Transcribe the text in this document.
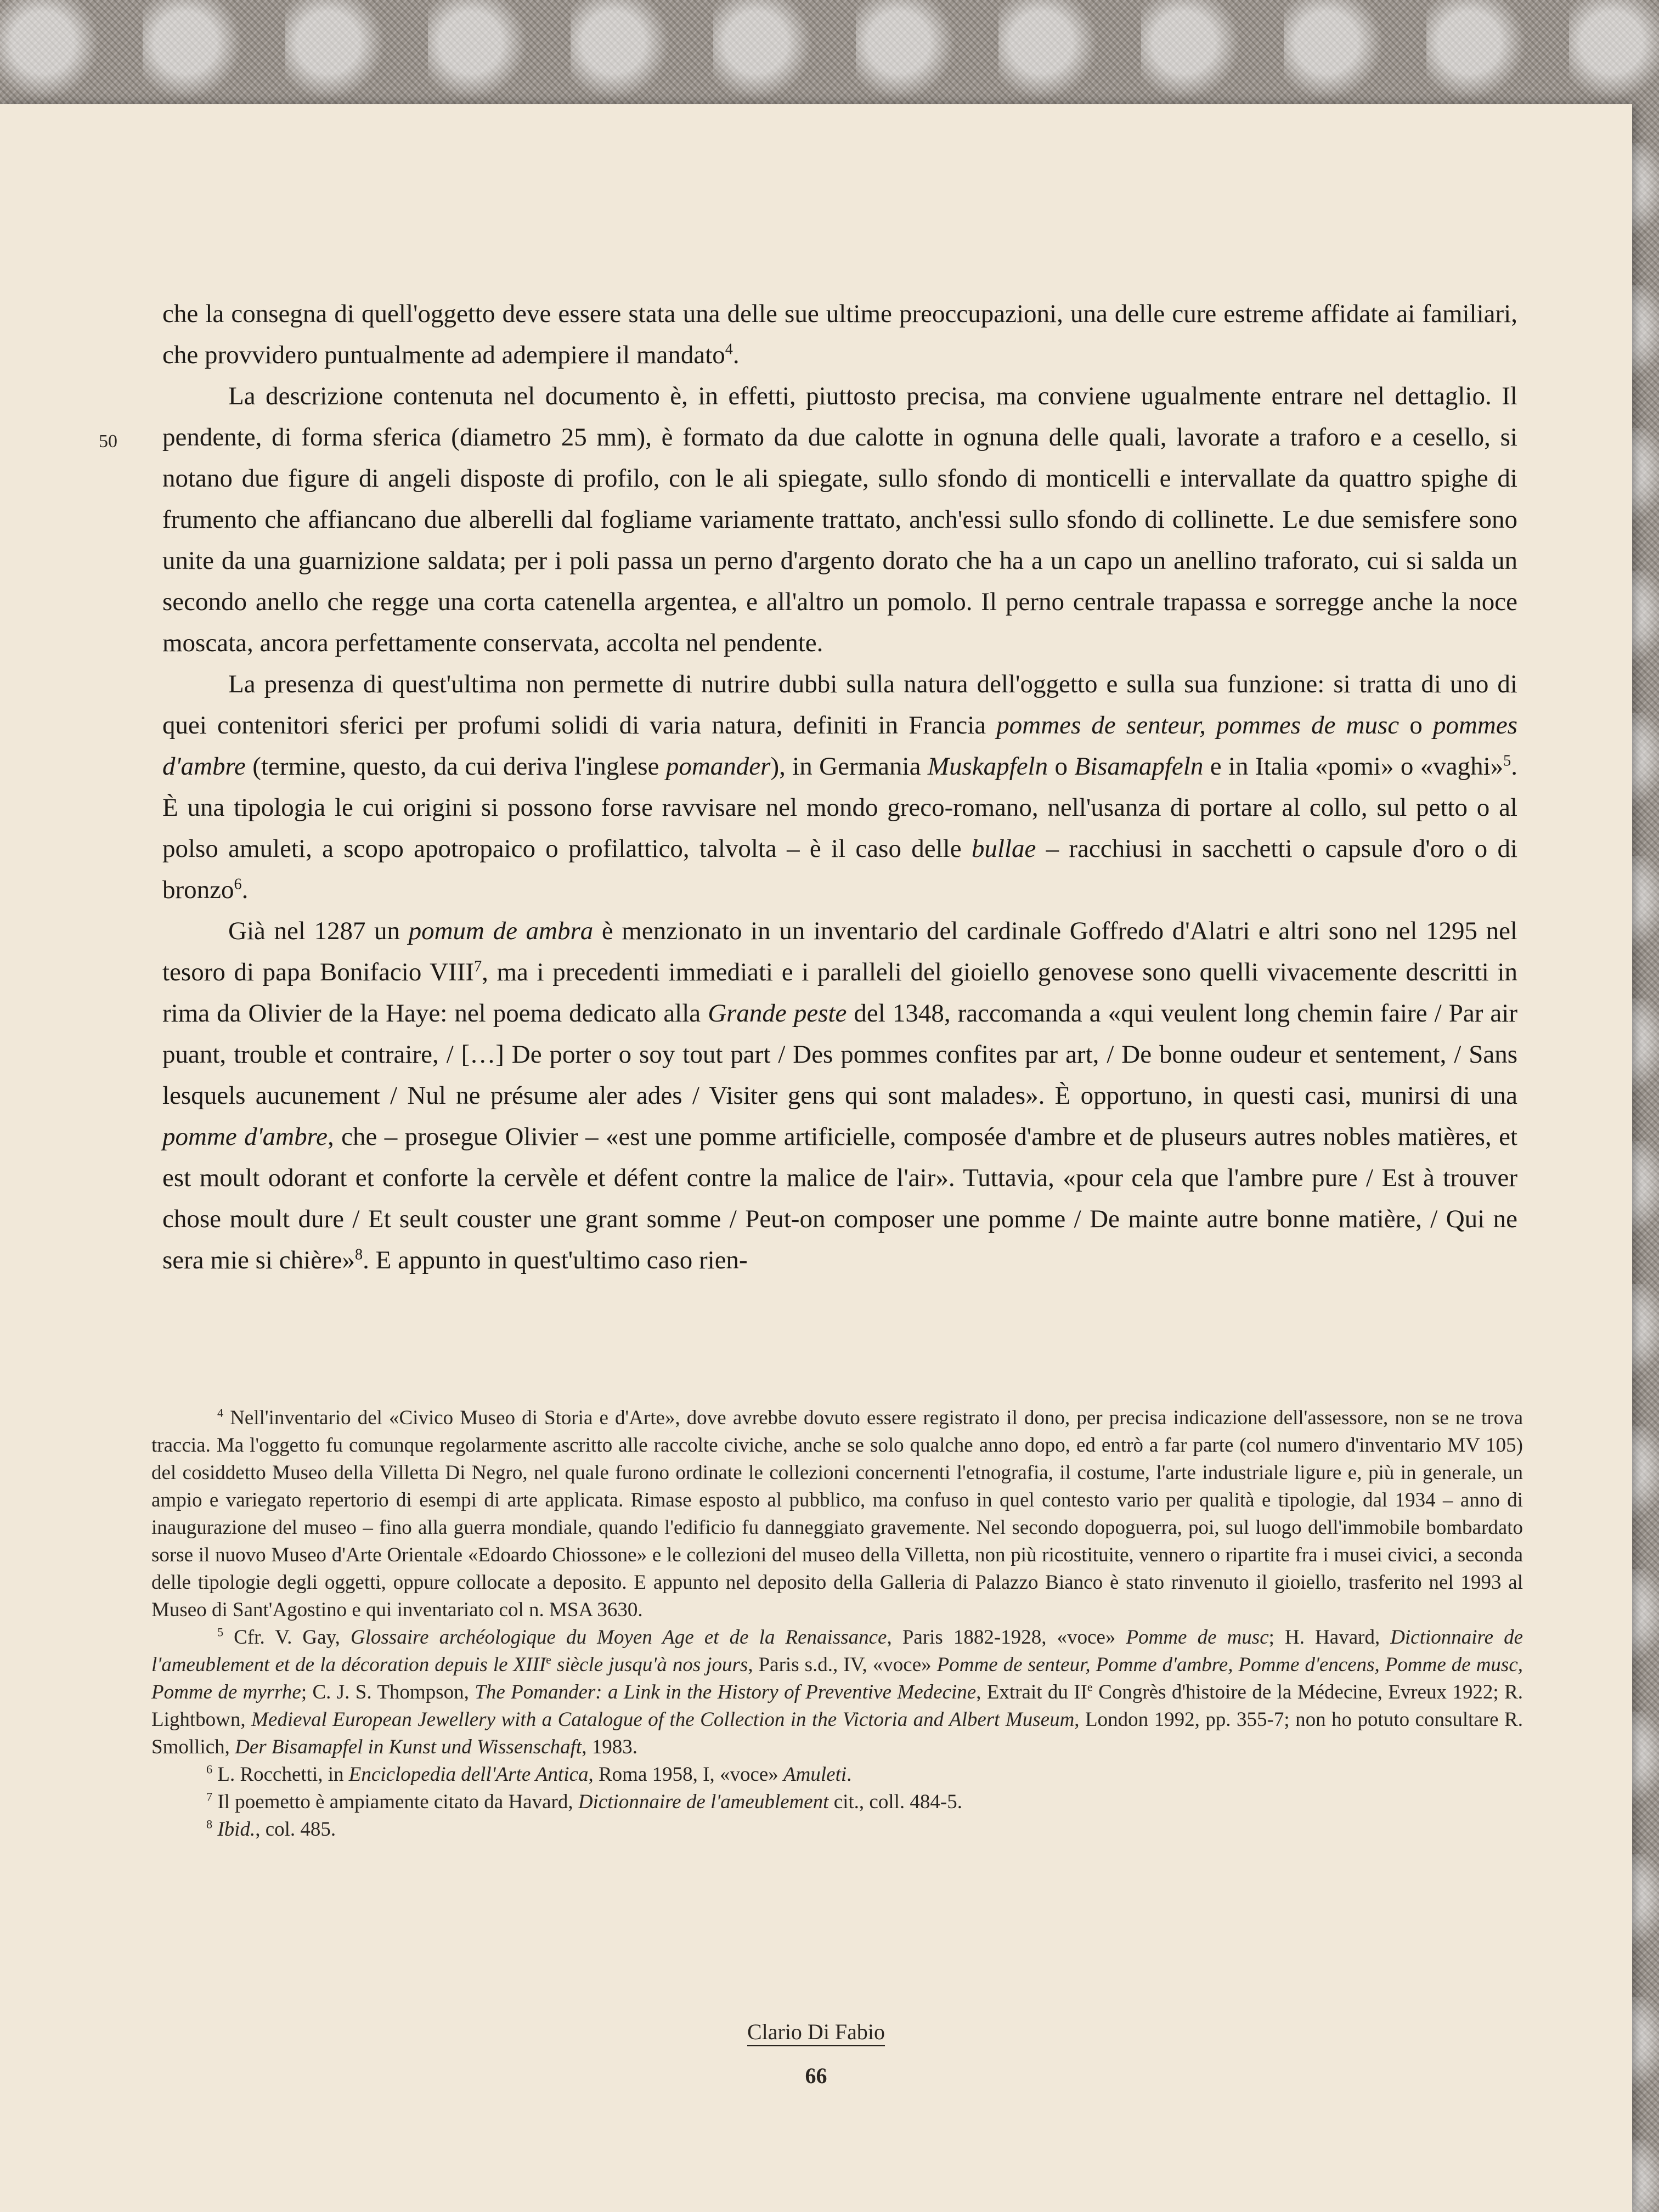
50

che la consegna di quell'oggetto deve essere stata una delle sue ultime preoccupazioni, una delle cure estreme affidate ai familiari, che provvidero puntualmente ad adempiere il mandato$^4$.

La descrizione contenuta nel documento è, in effetti, piuttosto precisa, ma conviene ugualmente entrare nel dettaglio. Il pendente, di forma sferica (diametro 25 mm), è formato da due calotte in ognuna delle quali, lavorate a traforo e a cesello, si notano due figure di angeli disposte di profilo, con le ali spiegate, sullo sfondo di monticelli e intervallate da quattro spighe di frumento che affiancano due alberelli dal fogliame variamente trattato, anch'essi sullo sfondo di collinette. Le due semisfere sono unite da una guarnizione saldata; per i poli passa un perno d'argento dorato che ha a un capo un anellino traforato, cui si salda un secondo anello che regge una corta catenella argentea, e all'altro un pomolo. Il perno centrale trapassa e sorregge anche la noce moscata, ancora perfettamente conservata, accolta nel pendente.

La presenza di quest'ultima non permette di nutrire dubbi sulla natura dell'oggetto e sulla sua funzione: si tratta di uno di quei contenitori sferici per profumi solidi di varia natura, definiti in Francia pommes de senteur, pommes de musc o pommes d'ambre (termine, questo, da cui deriva l'inglese pomander), in Germania Muskapfeln o Bisamapfeln e in Italia «pomi» o «vaghi»$^5$. È una tipologia le cui origini si possono forse ravvisare nel mondo greco-romano, nell'usanza di portare al collo, sul petto o al polso amuleti, a scopo apotropaico o profilattico, talvolta – è il caso delle bullae – racchiusi in sacchetti o capsule d'oro o di bronzo$^6$.

Già nel 1287 un pomum de ambra è menzionato in un inventario del cardinale Goffredo d'Alatri e altri sono nel 1295 nel tesoro di papa Bonifacio VIII$^7$, ma i precedenti immediati e i paralleli del gioiello genovese sono quelli vivacemente descritti in rima da Olivier de la Haye: nel poema dedicato alla Grande peste del 1348, raccomanda a «qui veulent long chemin faire / Par air puant, trouble et contraire, / […] De porter o soy tout part / Des pommes confites par art, / De bonne oudeur et sentement, / Sans lesquels aucunement / Nul ne présume aler ades / Visiter gens qui sont malades». È opportuno, in questi casi, munirsi di una pomme d'ambre, che – prosegue Olivier – «est une pomme artificielle, composée d'ambre et de pluseurs autres nobles matières, et est moult odorant et conforte la cervèle et défent contre la malice de l'air». Tuttavia, «pour cela que l'ambre pure / Est à trouver chose moult dure / Et seult couster une grant somme / Peut-on composer une pomme / De mainte autre bonne matière, / Qui ne sera mie si chière»$^8$. E appunto in quest'ultimo caso rien-

$^4$ Nell'inventario del «Civico Museo di Storia e d'Arte», dove avrebbe dovuto essere registrato il dono, per precisa indicazione dell'assessore, non se ne trova traccia. Ma l'oggetto fu comunque regolarmente ascritto alle raccolte civiche, anche se solo qualche anno dopo, ed entrò a far parte (col numero d'inventario MV 105) del cosiddetto Museo della Villetta Di Negro, nel quale furono ordinate le collezioni concernenti l'etnografia, il costume, l'arte industriale ligure e, più in generale, un ampio e variegato repertorio di esempi di arte applicata. Rimase esposto al pubblico, ma confuso in quel contesto vario per qualità e tipologie, dal 1934 – anno di inaugurazione del museo – fino alla guerra mondiale, quando l'edificio fu danneggiato gravemente. Nel secondo dopoguerra, poi, sul luogo dell'immobile bombardato sorse il nuovo Museo d'Arte Orientale «Edoardo Chiossone» e le collezioni del museo della Villetta, non più ricostituite, vennero o ripartite fra i musei civici, a seconda delle tipologie degli oggetti, oppure collocate a deposito. E appunto nel deposito della Galleria di Palazzo Bianco è stato rinvenuto il gioiello, trasferito nel 1993 al Museo di Sant'Agostino e qui inventariato col n. MSA 3630.

$^5$ Cfr. V. Gay, Glossaire archéologique du Moyen Age et de la Renaissance, Paris 1882-1928, «voce» Pomme de musc; H. Havard, Dictionnaire de l'ameublement et de la décoration depuis le XIIIe siècle jusqu'à nos jours, Paris s.d., IV, «voce» Pomme de senteur, Pomme d'ambre, Pomme d'encens, Pomme de musc, Pomme de myrrhe; C. J. S. Thompson, The Pomander: a Link in the History of Preventive Medecine, Extrait du IIe Congrès d'histoire de la Médecine, Evreux 1922; R. Lightbown, Medieval European Jewellery with a Catalogue of the Collection in the Victoria and Albert Museum, London 1992, pp. 355-7; non ho potuto consultare R. Smollich, Der Bisamapfel in Kunst und Wissenschaft, 1983.

$^6$ L. Rocchetti, in Enciclopedia dell'Arte Antica, Roma 1958, I, «voce» Amuleti.

$^7$ Il poemetto è ampiamente citato da Havard, Dictionnaire de l'ameublement cit., coll. 484-5.

$^8$ Ibid., col. 485.

Clario Di Fabio
66
